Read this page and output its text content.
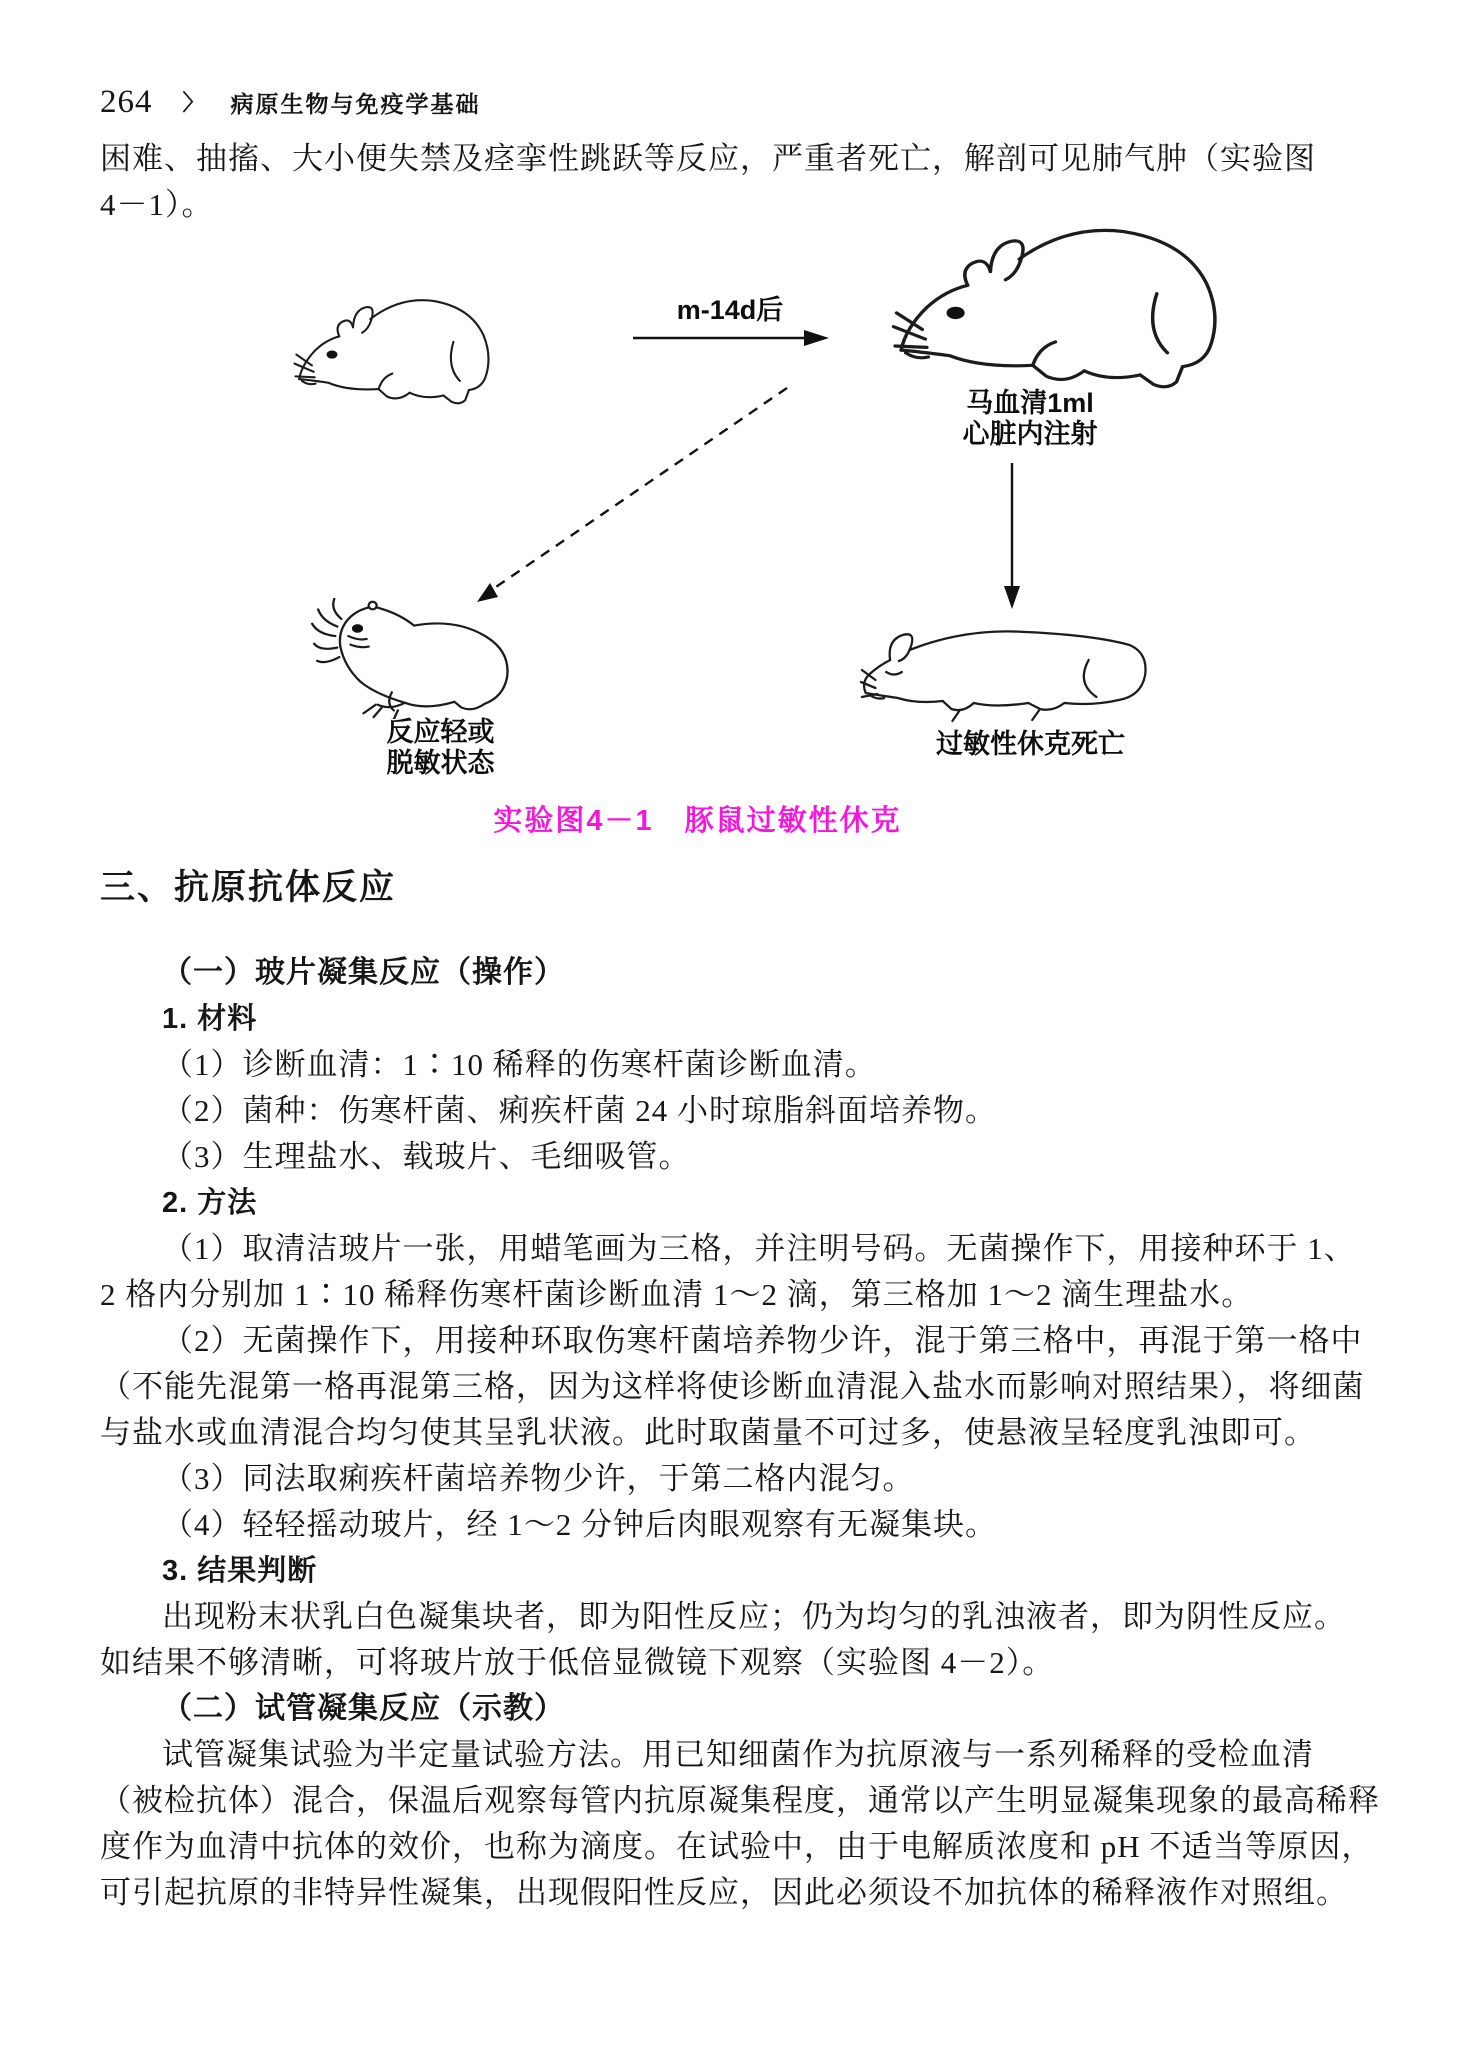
264 〉 病原生物与免疫学基础
困难、抽搐、大小便失禁及痉挛性跳跃等反应，严重者死亡，解剖可见肺气肿（实验图
4－1）。
m-14d后
马血清1ml
心脏内注射
反应轻或
脱敏状态
过敏性休克死亡
实验图4－1　豚鼠过敏性休克
三、抗原抗体反应
（一）玻片凝集反应（操作）
1. 材料
（1）诊断血清：1∶10 稀释的伤寒杆菌诊断血清。
（2）菌种：伤寒杆菌、痢疾杆菌 24 小时琼脂斜面培养物。
（3）生理盐水、载玻片、毛细吸管。
2. 方法
（1）取清洁玻片一张，用蜡笔画为三格，并注明号码。无菌操作下，用接种环于 1、
2 格内分别加 1∶10 稀释伤寒杆菌诊断血清 1～2 滴，第三格加 1～2 滴生理盐水。
（2）无菌操作下，用接种环取伤寒杆菌培养物少许，混于第三格中，再混于第一格中
（不能先混第一格再混第三格，因为这样将使诊断血清混入盐水而影响对照结果），将细菌
与盐水或血清混合均匀使其呈乳状液。此时取菌量不可过多，使悬液呈轻度乳浊即可。
（3）同法取痢疾杆菌培养物少许，于第二格内混匀。
（4）轻轻摇动玻片，经 1～2 分钟后肉眼观察有无凝集块。
3. 结果判断
出现粉末状乳白色凝集块者，即为阳性反应；仍为均匀的乳浊液者，即为阴性反应。
如结果不够清晰，可将玻片放于低倍显微镜下观察（实验图 4－2）。
（二）试管凝集反应（示教）
试管凝集试验为半定量试验方法。用已知细菌作为抗原液与一系列稀释的受检血清
（被检抗体）混合，保温后观察每管内抗原凝集程度，通常以产生明显凝集现象的最高稀释
度作为血清中抗体的效价，也称为滴度。在试验中，由于电解质浓度和 pH 不适当等原因，
可引起抗原的非特异性凝集，出现假阳性反应，因此必须设不加抗体的稀释液作对照组。
